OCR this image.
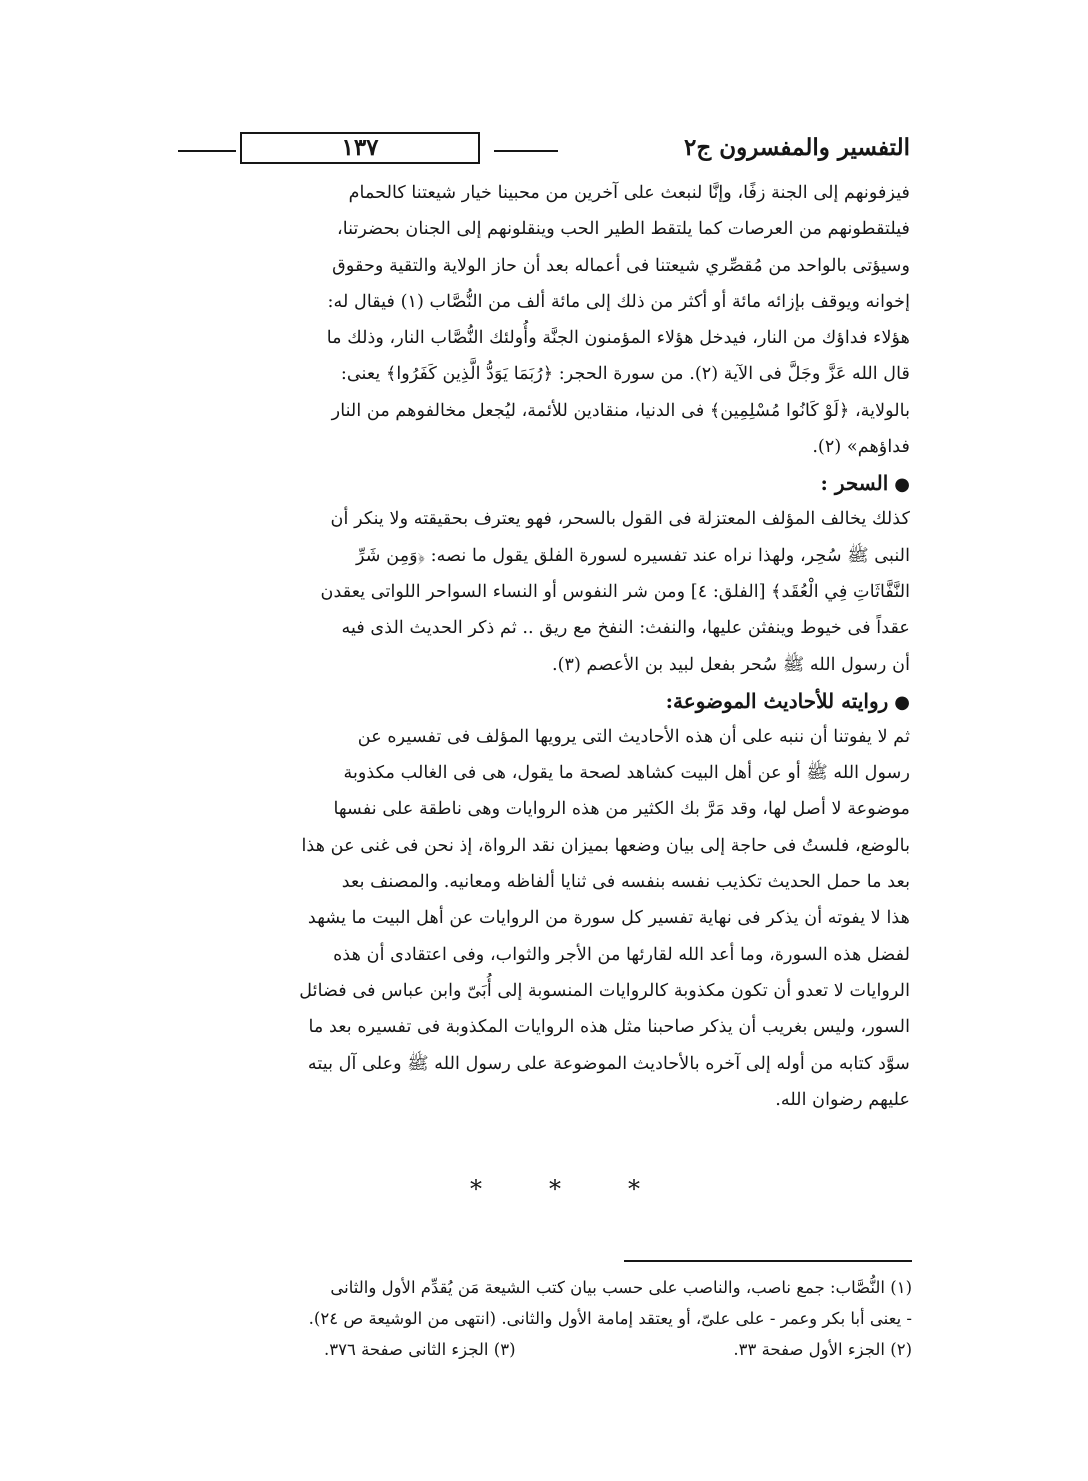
١٣٧	التفسير والمفسرون ج٢
فيزفونهم إلى الجنة زفًا، وإنَّا لنبعث على آخرين من محبينا خيار شيعتنا كالحمام
فيلتقطونهم من العرصات كما يلتقط الطير الحب وينقلونهم إلى الجنان بحضرتنا،
وسيؤتى بالواحد من مُقصِّري شيعتنا فى أعماله بعد أن حاز الولاية والتقية وحقوق
إخوانه ويوقف بإزائه مائة أو أكثر من ذلك إلى مائة ألف من النُّصَّاب (١) فيقال له:
هؤلاء فداؤك من النار، فيدخل هؤلاء المؤمنون الجنَّة وأُولئك النُّصَّاب النار، وذلك ما
قال الله عَزَّ وجَلَّ فى الآية (٢). من سورة الحجر: ﴿رُبَمَا يَوَدُّ الَّذِين كَفَرُوا﴾ يعنى:
بالولاية، ﴿لَوْ كَانُوا مُسْلِمِين﴾ فى الدنيا، منقادين للأئمة، ليُجعل مخالفوهم من النار
فداؤهم» (٢).
●السحر :
كذلك يخالف المؤلف المعتزلة فى القول بالسحر، فهو يعترف بحقيقته ولا ينكر أن
النبى ﷺ سُحِر، ولهذا نراه عند تفسيره لسورة الفلق يقول ما نصه: ﴿وَمِن شَرِّ
النَّفَّاثَاتِ فِي الْعُقَد﴾ [الفلق: ٤] ومن شر النفوس أو النساء السواحر اللواتى يعقدن
عقداً فى خيوط وينفثن عليها، والنفث: النفخ مع ريق .. ثم ذكر الحديث الذى فيه
أن رسول الله ﷺ سُحر بفعل لبيد بن الأعصم (٣).
●روايته للأحاديث الموضوعة:
ثم لا يفوتنا أن ننبه على أن هذه الأحاديث التى يرويها المؤلف فى تفسيره عن
رسول الله ﷺ أو عن أهل البيت كشاهد لصحة ما يقول، هى فى الغالب مكذوبة
موضوعة لا أصل لها، وقد مَرَّ بك الكثير من هذه الروايات وهى ناطقة على نفسها
بالوضع، فلستُ فى حاجة إلى بيان وضعها بميزان نقد الرواة، إذ نحن فى غنى عن هذا
بعد ما حمل الحديث تكذيب نفسه بنفسه فى ثنايا ألفاظه ومعانيه. والمصنف بعد
هذا لا يفوته أن يذكر فى نهاية تفسير كل سورة من الروايات عن أهل البيت ما يشهد
لفضل هذه السورة، وما أعد الله لقارئها من الأجر والثواب، وفى اعتقادى أن هذه
الروايات لا تعدو أن تكون مكذوبة كالروايات المنسوبة إلى أُبَىّ وابن عباس فى فضائل
السور، وليس بغريب أن يذكر صاحبنا مثل هذه الروايات المكذوبة فى تفسيره بعد ما
سوَّد كتابه من أوله إلى آخره بالأحاديث الموضوعة على رسول الله ﷺ وعلى آل بيته
عليهم رضوان الله.
*	*	*
(١) النُّصَّاب: جمع ناصب، والناصب على حسب بيان كتب الشيعة مَن يُقدِّم الأول والثانى
- يعنى أبا بكر وعمر - على علىّ، أو يعتقد إمامة الأول والثانى. (انتهى من الوشيعة ص ٢٤).
(٢) الجزء الأول صفحة ٣٣.
(٣) الجزء الثانى صفحة ٣٧٦.
